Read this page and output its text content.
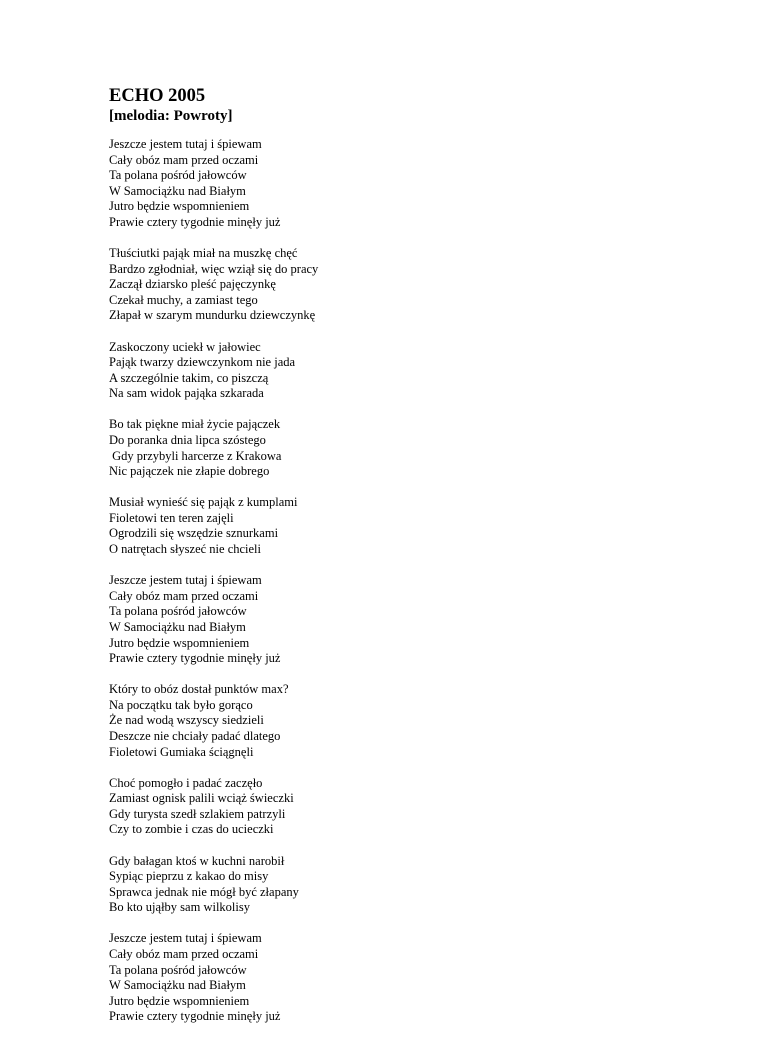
ECHO 2005
[melodia: Powroty]
Jeszcze jestem tutaj i śpiewam
Cały obóz mam przed oczami
Ta polana pośród jałowców
W Samociążku nad Białym
Jutro będzie wspomnieniem
Prawie cztery tygodnie minęły już
Tłuściutki pająk miał na muszkę chęć
Bardzo zgłodniał, więc wziął się do pracy
Zaczął dziarsko pleść pajęczynkę
Czekał muchy, a zamiast tego
Złapał w szarym mundurku dziewczynkę
Zaskoczony uciekł w jałowiec
Pająk twarzy dziewczynkom nie jada
A szczególnie takim, co piszczą
Na sam widok pająka szkarada
Bo tak piękne miał życie pajączek
Do poranka dnia lipca szóstego
Gdy przybyli harcerze z Krakowa
Nic pajączek nie złapie dobrego
Musiał wynieść się pająk z kumplami
Fioletowi ten teren zajęli
Ogrodzili się wszędzie sznurkami
O natrętach słyszeć nie chcieli
Jeszcze jestem tutaj i śpiewam
Cały obóz mam przed oczami
Ta polana pośród jałowców
W Samociążku nad Białym
Jutro będzie wspomnieniem
Prawie cztery tygodnie minęły już
Który to obóz dostał punktów max?
Na początku tak było gorąco
Że nad wodą wszyscy siedzieli
Deszcze nie chciały padać dlatego
Fioletowi Gumiaka ściągnęli
Choć pomogło i padać zaczęło
Zamiast ognisk palili wciąż świeczki
Gdy turysta szedł szlakiem patrzyli
Czy to zombie i czas do ucieczki
Gdy bałagan ktoś w kuchni narobił
Sypiąc pieprzu z kakao do misy
Sprawca jednak nie mógł być złapany
Bo kto ująłby sam wilkolisy
Jeszcze jestem tutaj i śpiewam
Cały obóz mam przed oczami
Ta polana pośród jałowców
W Samociążku nad Białym
Jutro będzie wspomnieniem
Prawie cztery tygodnie minęły już
